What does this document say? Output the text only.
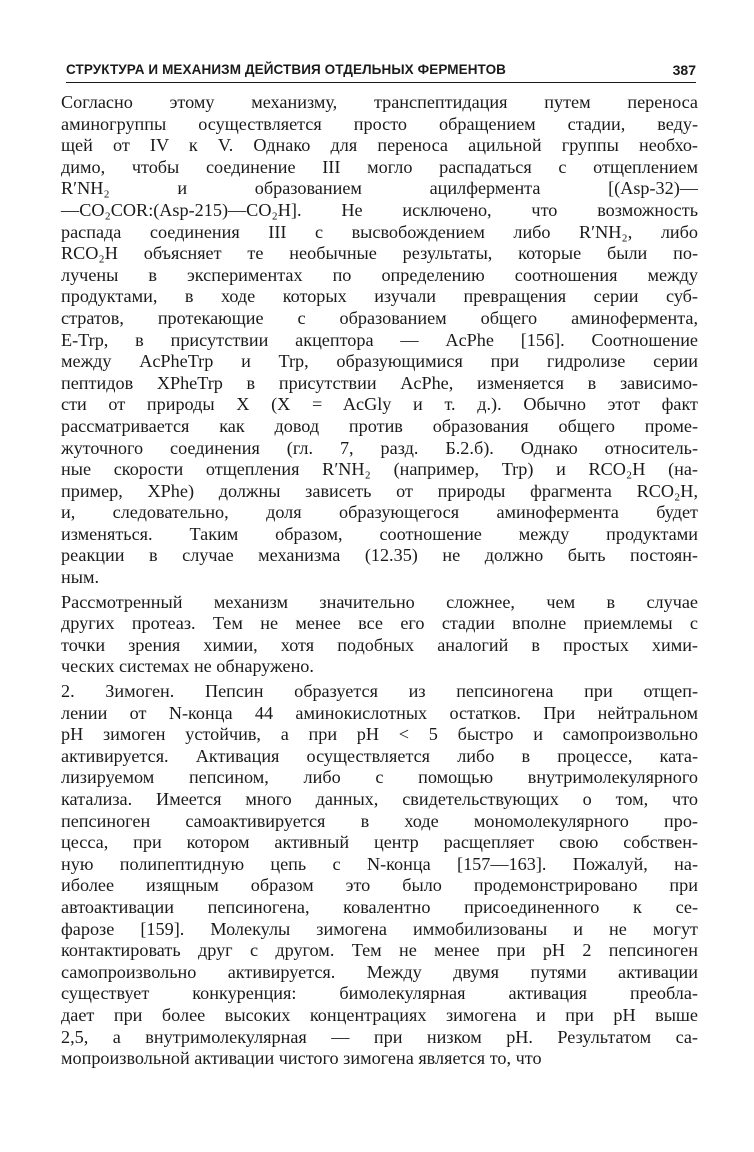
СТРУКТУРА И МЕХАНИЗМ ДЕЙСТВИЯ ОТДЕЛЬНЫХ ФЕРМЕНТОВ	387
Согласно этому механизму, транспептидация путем переноса
аминогруппы осуществляется просто обращением стадии, веду-
щей от IV к V. Однако для переноса ацильной группы необхо-
димо, чтобы соединение III могло распадаться с отщеплением
R′NH₂ и образованием ацилфермента [(Asp-32)—
—CO₂COR:(Asp-215)—CO₂H]. Не исключено, что возможность
распада соединения III с высвобождением либо R′NH₂, либо
RCO₂H объясняет те необычные результаты, которые были по-
лучены в экспериментах по определению соотношения между
продуктами, в ходе которых изучали превращения серии суб-
стратов, протекающие с образованием общего аминофермента,
E-Trp, в присутствии акцептора — AcPhe [156]. Соотношение
между AcPheTrp и Trp, образующимися при гидролизе серии
пептидов XPheTrp в присутствии AcPhe, изменяется в зависимо-
сти от природы X (X = AcGly и т. д.). Обычно этот факт
рассматривается как довод против образования общего проме-
жуточного соединения (гл. 7, разд. Б.2.б). Однако относитель-
ные скорости отщепления R′NH₂ (например, Trp) и RCO₂H (на-
пример, XPhe) должны зависеть от природы фрагмента RCO₂H,
и, следовательно, доля образующегося аминофермента будет
изменяться. Таким образом, соотношение между продуктами
реакции в случае механизма (12.35) не должно быть постоян-
ным.
Рассмотренный механизм значительно сложнее, чем в случае
других протеаз. Тем не менее все его стадии вполне приемлемы с
точки зрения химии, хотя подобных аналогий в простых хими-
ческих системах не обнаружено.
2. Зимоген. Пепсин образуется из пепсиногена при отщеп-
лении от N-конца 44 аминокислотных остатков. При нейтральном
pH зимоген устойчив, а при pH < 5 быстро и самопроизвольно
активируется. Активация осуществляется либо в процессе, ката-
лизируемом пепсином, либо с помощью внутримолекулярного
катализа. Имеется много данных, свидетельствующих о том, что
пепсиноген самоактивируется в ходе мономолекулярного про-
цесса, при котором активный центр расщепляет свою собствен-
ную полипептидную цепь с N-конца [157—163]. Пожалуй, на-
иболее изящным образом это было продемонстрировано при
автоактивации пепсиногена, ковалентно присоединенного к се-
фарозе [159]. Молекулы зимогена иммобилизованы и не могут
контактировать друг с другом. Тем не менее при pH 2 пепсиноген
самопроизвольно активируется. Между двумя путями активации
существует конкуренция: бимолекулярная активация преобла-
дает при более высоких концентрациях зимогена и при pH выше
2,5, а внутримолекулярная — при низком pH. Результатом са-
мопроизвольной активации чистого зимогена является то, что
